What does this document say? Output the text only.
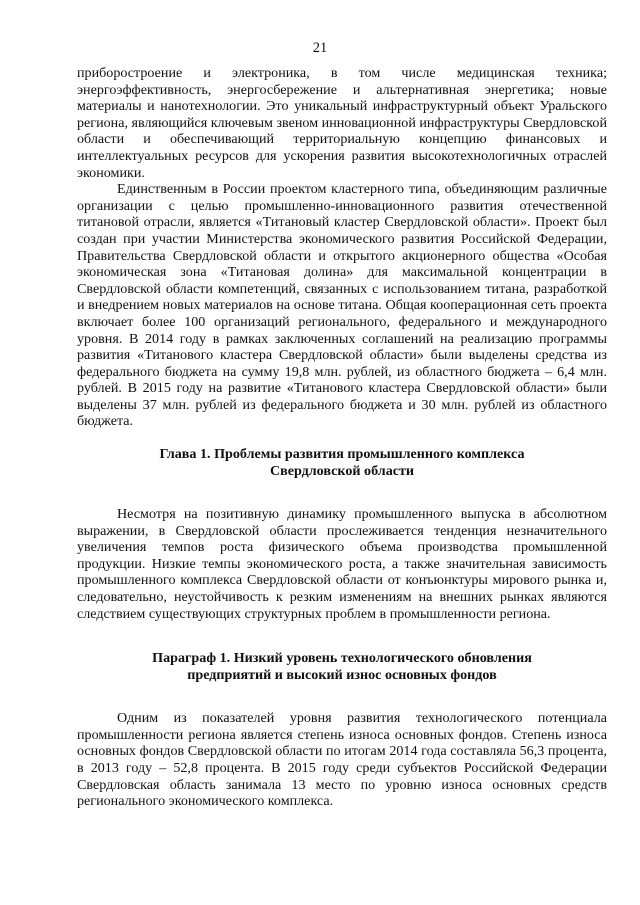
21

приборостроение и электроника, в том числе медицинская техника; энергоэффективность, энергосбережение и альтернативная энергетика; новые материалы и нанотехнологии. Это уникальный инфраструктурный объект Уральского региона, являющийся ключевым звеном инновационной инфраструктуры Свердловской области и обеспечивающий территориальную концепцию финансовых и интеллектуальных ресурсов для ускорения развития высокотехнологичных отраслей экономики.

Единственным в России проектом кластерного типа, объединяющим различные организации с целью промышленно-инновационного развития отечественной титановой отрасли, является «Титановый кластер Свердловской области». Проект был создан при участии Министерства экономического развития Российской Федерации, Правительства Свердловской области и открытого акционерного общества «Особая экономическая зона «Титановая долина» для максимальной концентрации в Свердловской области компетенций, связанных с использованием титана, разработкой и внедрением новых материалов на основе титана. Общая кооперационная сеть проекта включает более 100 организаций регионального, федерального и международного уровня. В 2014 году в рамках заключенных соглашений на реализацию программы развития «Титанового кластера Свердловской области» были выделены средства из федерального бюджета на сумму 19,8 млн. рублей, из областного бюджета – 6,4 млн. рублей. В 2015 году на развитие «Титанового кластера Свердловской области» были выделены 37 млн. рублей из федерального бюджета и 30 млн. рублей из областного бюджета.

Глава 1. Проблемы развития промышленного комплекса
Свердловской области

Несмотря на позитивную динамику промышленного выпуска в абсолютном выражении, в Свердловской области прослеживается тенденция незначительного увеличения темпов роста физического объема производства промышленной продукции. Низкие темпы экономического роста, а также значительная зависимость промышленного комплекса Свердловской области от конъюнктуры мирового рынка и, следовательно, неустойчивость к резким изменениям на внешних рынках являются следствием существующих структурных проблем в промышленности региона.

Параграф 1. Низкий уровень технологического обновления
предприятий и высокий износ основных фондов

Одним из показателей уровня развития технологического потенциала промышленности региона является степень износа основных фондов. Степень износа основных фондов Свердловской области по итогам 2014 года составляла 56,3 процента, в 2013 году – 52,8 процента. В 2015 году среди субъектов Российской Федерации Свердловская область занимала 13 место по уровню износа основных средств регионального экономического комплекса.
